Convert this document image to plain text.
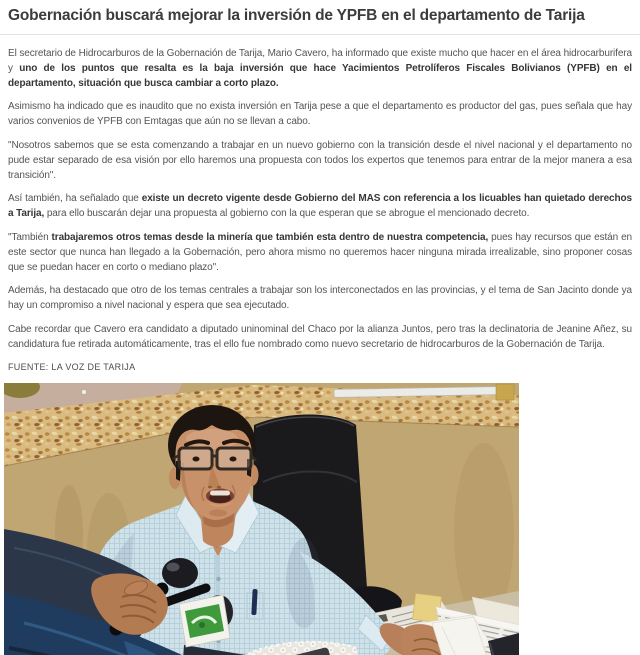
Gobernación buscará mejorar la inversión de YPFB en el departamento de Tarija

El secretario de Hidrocarburos de la Gobernación de Tarija, Mario Cavero, ha informado que existe mucho que hacer en el área hidrocarburifera y uno de los puntos que resalta es la baja inversión que hace Yacimientos Petrolíferos Fiscales Bolivianos (YPFB) en el departamento, situación que busca cambiar a corto plazo.

Asimismo ha indicado que es inaudito que no exista inversión en Tarija pese a que el departamento es productor del gas, pues señala que hay varios convenios de YPFB con Emtagas que aún no se llevan a cabo.

"Nosotros sabemos que se esta comenzando a trabajar en un nuevo gobierno con la transición desde el nivel nacional y el departamento no pude estar separado de esa visión por ello haremos una propuesta con todos los expertos que tenemos para entrar de la mejor manera a esa transición".

Así también, ha señalado que existe un decreto vigente desde Gobierno del MAS con referencia a los licuables han quietado derechos a Tarija, para ello buscarán dejar una propuesta al gobierno con la que esperan que se abrogue el mencionado decreto.

"También trabajaremos otros temas desde la minería que también esta dentro de nuestra competencia, pues hay recursos que están en este sector que nunca han llegado a la Gobernación, pero ahora mismo no queremos hacer ninguna mirada irrealizable, sino proponer cosas que se puedan hacer en corto o mediano plazo".

Además, ha destacado que otro de los temas centrales a trabajar son los interconectados en las provincias, y el tema de San Jacinto donde ya hay un compromiso a nivel nacional y espera que sea ejecutado.

Cabe recordar que Cavero era candidato a diputado uninominal del Chaco por la alianza Juntos, pero tras la declinatoria de Jeanine Añez, su candidatura fue retirada automáticamente, tras el ello fue nombrado como nuevo secretario de hidrocarburos de la Gobernación de Tarija.

FUENTE: LA VOZ DE TARIJA
